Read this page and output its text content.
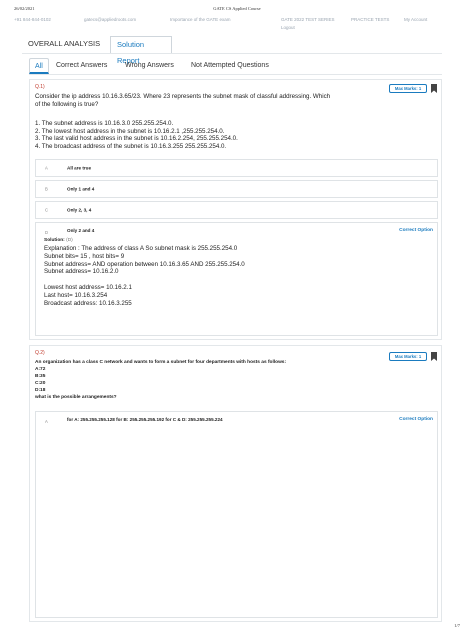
26/02/2021	GATE CS Applied Course
+91 844-844-0102	gatecs@appliedroots.com	Importance of the GATE exam	GATE 2022 TEST SERIES	PRACTICE TESTS	My Account
Logout
OVERALL ANALYSIS	Solution Report
All	Correct Answers	Wrong Answers	Not Attempted Questions
Q.1)	Max Marks: 1
Consider the ip address 10.16.3.65/23. Where 23 represents the subnet mask of classful addressing. Which of the following is true?
1. The subnet address is 10.16.3.0 255.255.254.0.
2. The lowest host address in the subnet is 10.16.2.1 ,255.255.254.0.
3. The last valid host address in the subnet is 10.16.2.254, 255.255.254.0.
4. The broadcast address of the subnet is 10.16.3.255 255.255.254.0.
A	All are true
B	Only 1 and 4
C	Only 2, 3, 4
D	Only 2 and 4	Correct Option
Solution: (D)
Explanation : The address of class A So subnet mask is 255.255.254.0
Subnet bits= 15 , host bits= 9
Subnet address= AND operation between 10.16.3.65 AND 255.255.254.0
Subnet address= 10.16.2.0
Lowest host address= 10.16.2.1
Last host= 10.16.3.254
Broadcast address: 10.16.3.255
Q.2)
Max Marks: 1
An organization has a class C network and wants to form a subnet for four departments with hosts as follows:
A:72
B:35
C:20
D:18
what is the possible arrangements?
A	for A: 255.255.255.128 for B: 255.255.255.192 for C & D: 255.255.255.224	Correct Option
1/7
